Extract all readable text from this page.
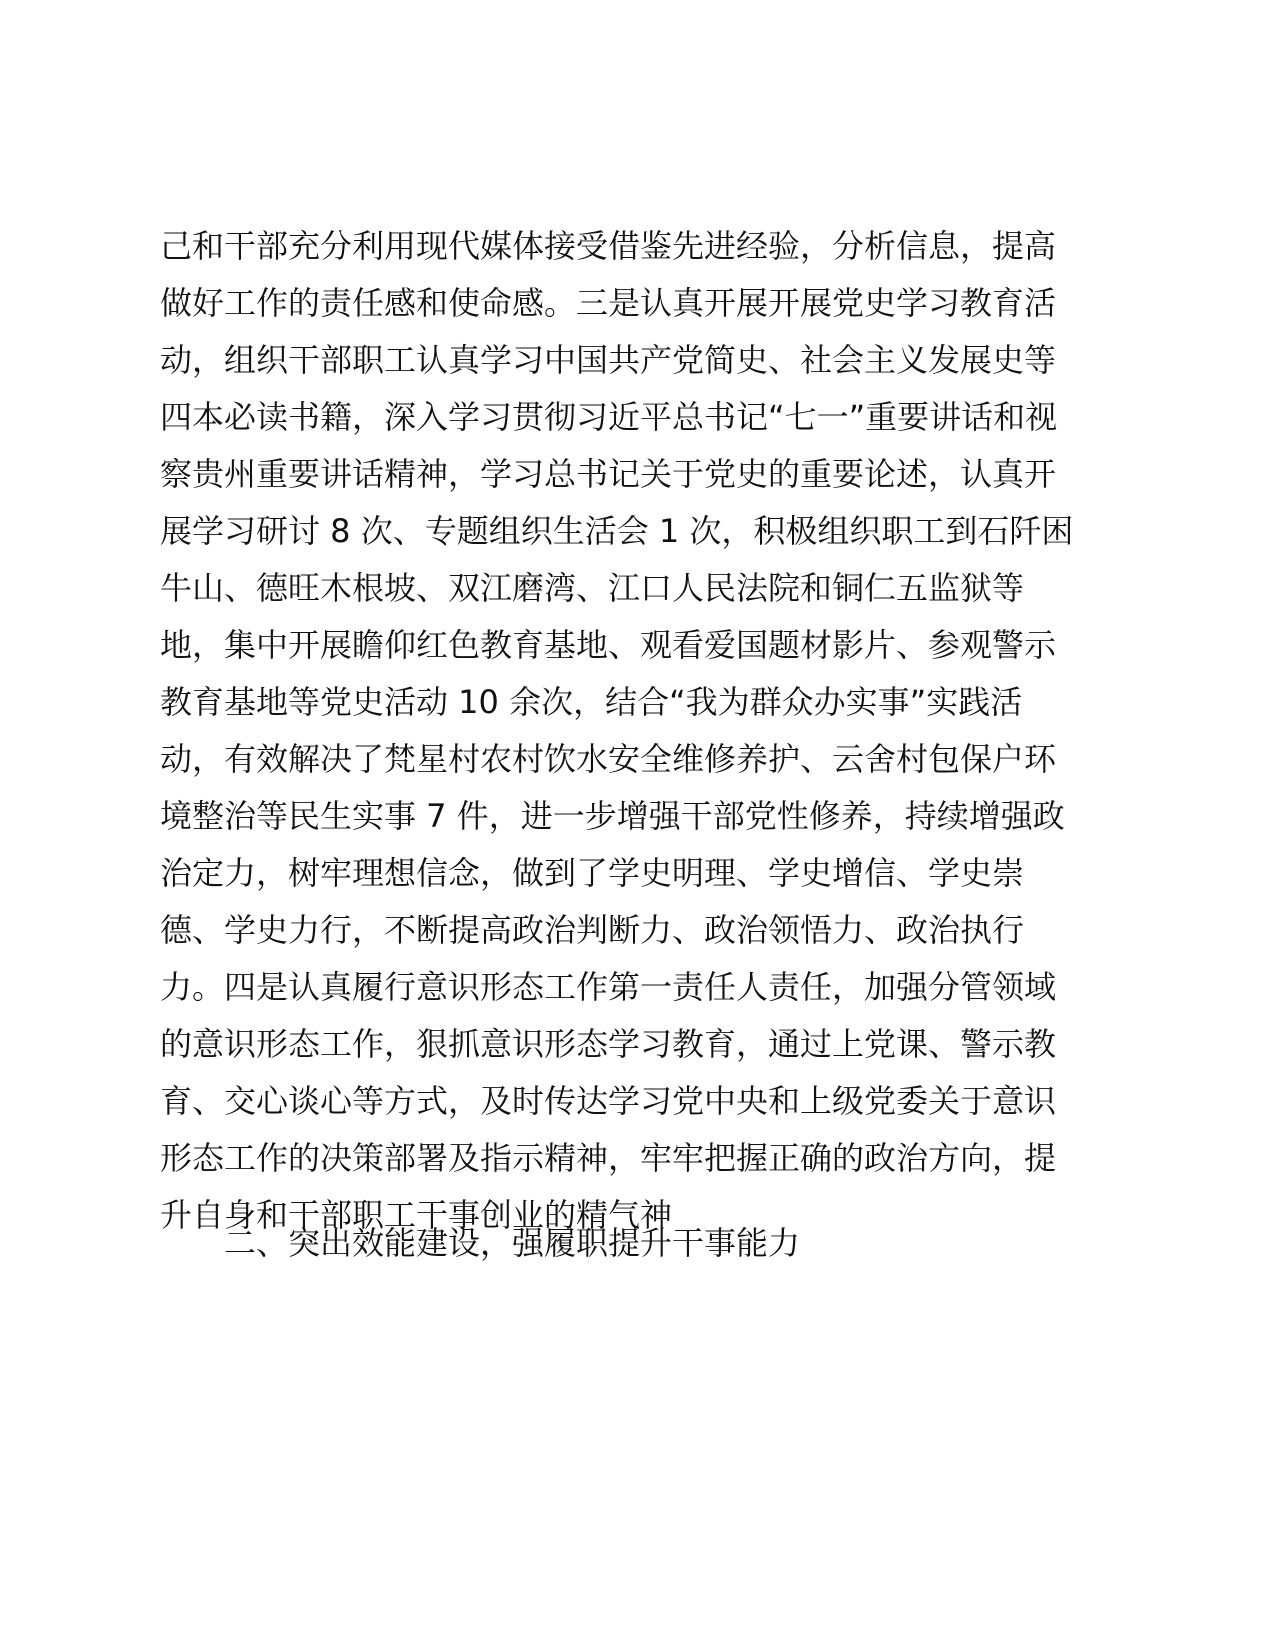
己和干部充分利用现代媒体接受借鉴先进经验，分析信息，提高
做好工作的责任感和使命感。三是认真开展开展党史学习教育活
动，组织干部职工认真学习中国共产党简史、社会主义发展史等
四本必读书籍，深入学习贯彻习近平总书记“七一”重要讲话和视
察贵州重要讲话精神，学习总书记关于党史的重要论述，认真开
展学习研讨 8 次、专题组织生活会 1 次，积极组织职工到石阡困
牛山、德旺木根坡、双江磨湾、江口人民法院和铜仁五监狱等
地，集中开展瞻仰红色教育基地、观看爱国题材影片、参观警示
教育基地等党史活动 10 余次，结合“我为群众办实事”实践活
动，有效解决了梵星村农村饮水安全维修养护、云舍村包保户环
境整治等民生实事 7 件，进一步增强干部党性修养，持续增强政
治定力，树牢理想信念，做到了学史明理、学史增信、学史崇
德、学史力行，不断提高政治判断力、政治领悟力、政治执行
力。四是认真履行意识形态工作第一责任人责任，加强分管领域
的意识形态工作，狠抓意识形态学习教育，通过上党课、警示教
育、交心谈心等方式，及时传达学习党中央和上级党委关于意识
形态工作的决策部署及指示精神，牢牢把握正确的政治方向，提
升自身和干部职工干事创业的精气神
二、突出效能建设，强履职提升干事能力
